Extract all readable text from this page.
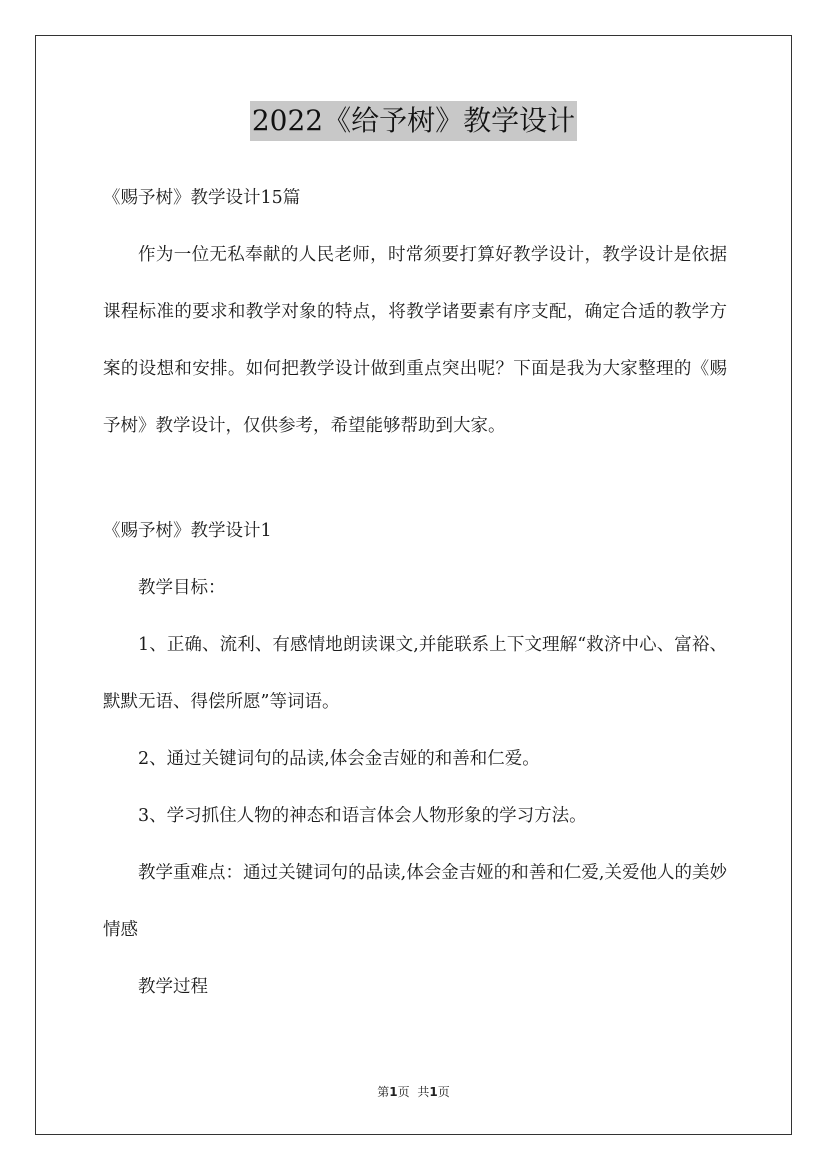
2022《给予树》教学设计

《赐予树》教学设计15篇

作为一位无私奉献的人民老师，时常须要打算好教学设计，教学设计是依据课程标准的要求和教学对象的特点，将教学诸要素有序支配，确定合适的教学方案的设想和安排。如何把教学设计做到重点突出呢？下面是我为大家整理的《赐予树》教学设计，仅供参考，希望能够帮助到大家。

《赐予树》教学设计1

教学目标：

1、正确、流利、有感情地朗读课文,并能联系上下文理解“救济中心、富裕、默默无语、得偿所愿”等词语。

2、通过关键词句的品读,体会金吉娅的和善和仁爱。

3、学习抓住人物的神态和语言体会人物形象的学习方法。

教学重难点：通过关键词句的品读,体会金吉娅的和善和仁爱,关爱他人的美妙情感

教学过程

第1页 共1页
